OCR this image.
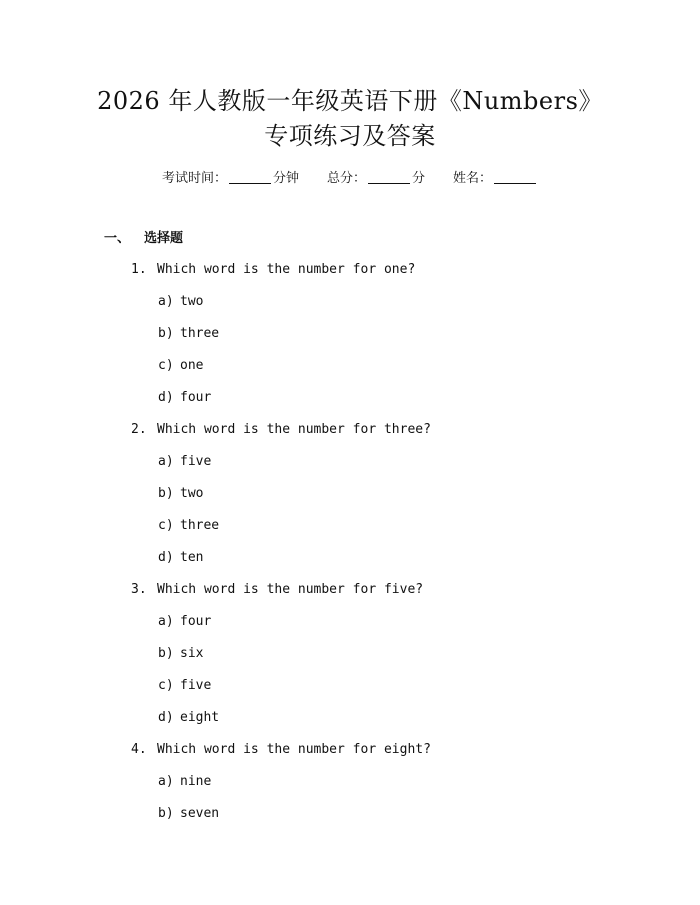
2026 年人教版一年级英语下册《Numbers》
专项练习及答案
考试时间：	分钟 总分：	分 姓名：
一、 选择题
1. Which word is the number for one?
a) two
b) three
c) one
d) four
2. Which word is the number for three?
a) five
b) two
c) three
d) ten
3. Which word is the number for five?
a) four
b) six
c) five
d) eight
4. Which word is the number for eight?
a) nine
b) seven
